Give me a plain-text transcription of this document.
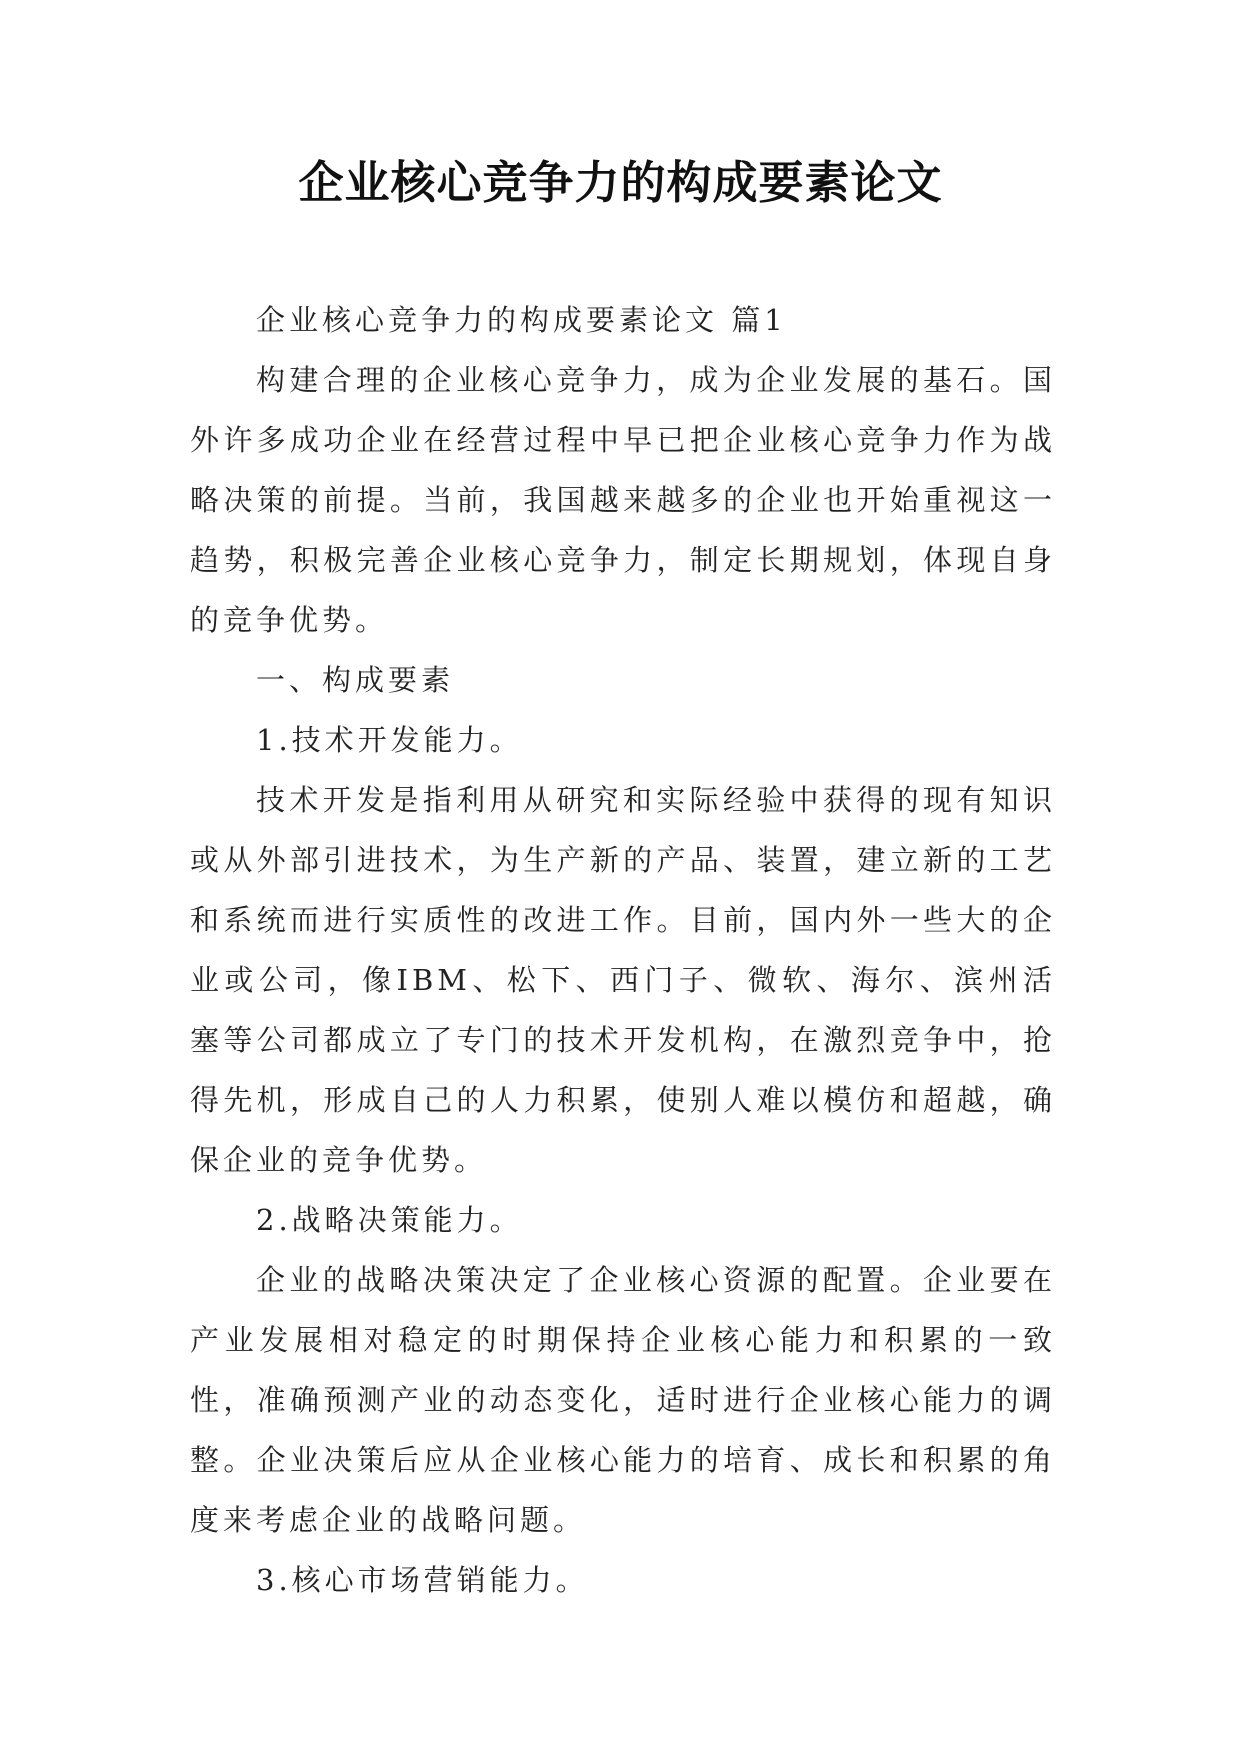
企业核心竞争力的构成要素论文

企业核心竞争力的构成要素论文 篇1

构建合理的企业核心竞争力，成为企业发展的基石。国外许多成功企业在经营过程中早已把企业核心竞争力作为战略决策的前提。当前，我国越来越多的企业也开始重视这一趋势，积极完善企业核心竞争力，制定长期规划，体现自身的竞争优势。

一、构成要素

1.技术开发能力。

技术开发是指利用从研究和实际经验中获得的现有知识或从外部引进技术，为生产新的产品、装置，建立新的工艺和系统而进行实质性的改进工作。目前，国内外一些大的企业或公司，像IBM、松下、西门子、微软、海尔、滨州活塞等公司都成立了专门的技术开发机构，在激烈竞争中，抢得先机，形成自己的人力积累，使别人难以模仿和超越，确保企业的竞争优势。

2.战略决策能力。

企业的战略决策决定了企业核心资源的配置。企业要在产业发展相对稳定的时期保持企业核心能力和积累的一致性，准确预测产业的动态变化，适时进行企业核心能力的调整。企业决策后应从企业核心能力的培育、成长和积累的角度来考虑企业的战略问题。

3.核心市场营销能力。
